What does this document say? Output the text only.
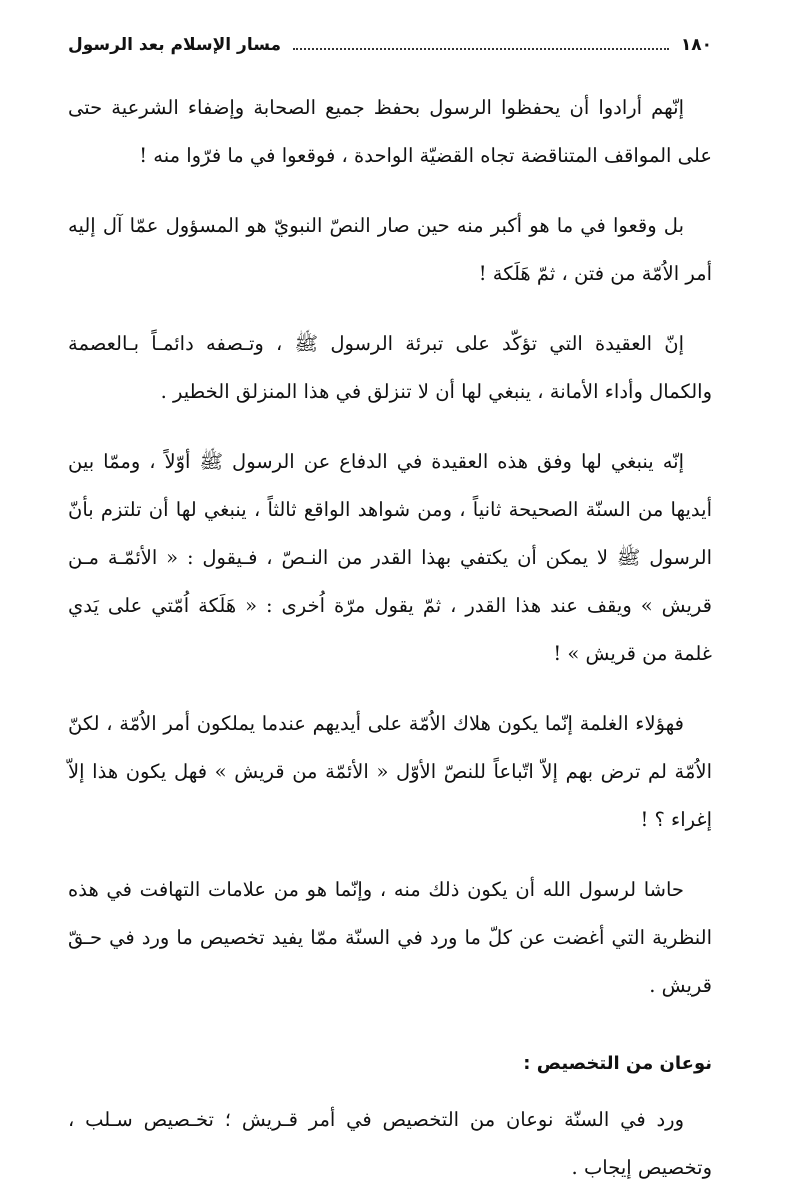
١٨٠
مسار الإسلام بعد الرسول

إنّهم أرادوا أن يحفظوا الرسول بحفظ جميع الصحابة وإضفاء الشرعية حتى على المواقف المتناقضة تجاه القضيّة الواحدة ، فوقعوا في ما فرّوا منه !

بل وقعوا في ما هو أكبر منه حين صار النصّ النبويّ هو المسؤول عمّا آل إليه أمر الاُمّة من فتن ، ثمّ هَلَكة !

إنّ العقيدة التي تؤكّد على تبرئة الرسول ﷺ ، وتـصفه دائمـاً بـالعصمة والكمال وأداء الأمانة ، ينبغي لها أن لا تنزلق في هذا المنزلق الخطير .

إنّه ينبغي لها وفق هذه العقيدة في الدفاع عن الرسول ﷺ أوّلاً ، وممّا بين أيديها من السنّة الصحيحة ثانياً ، ومن شواهد الواقع ثالثاً ، ينبغي لها أن تلتزم بأنّ الرسول ﷺ لا يمكن أن يكتفي بهذا القدر من النـصّ ، فـيقول : « الأئمّـة مـن قريش » ويقف عند هذا القدر ، ثمّ يقول مرّة اُخرى : « هَلَكة اُمّتي على يَدي غلمة من قريش » !

فهؤلاء الغلمة إنّما يكون هلاك الاُمّة على أيديهم عندما يملكون أمر الاُمّة ، لكنّ الاُمّة لم ترض بهم إلاّ اتّباعاً للنصّ الأوّل « الأئمّة من قريش » فهل يكون هذا إلاّ إغراء ؟ !

حاشا لرسول الله أن يكون ذلك منه ، وإنّما هو من علامات التهافت في هذه النظرية التي أغضت عن كلّ ما ورد في السنّة ممّا يفيد تخصيص ما ورد في حـقّ قريش .

نوعان من التخصيص :

ورد في السنّة نوعان من التخصيص في أمر قـريش ؛ تخـصيص سـلب ، وتخصيص إيجاب .
